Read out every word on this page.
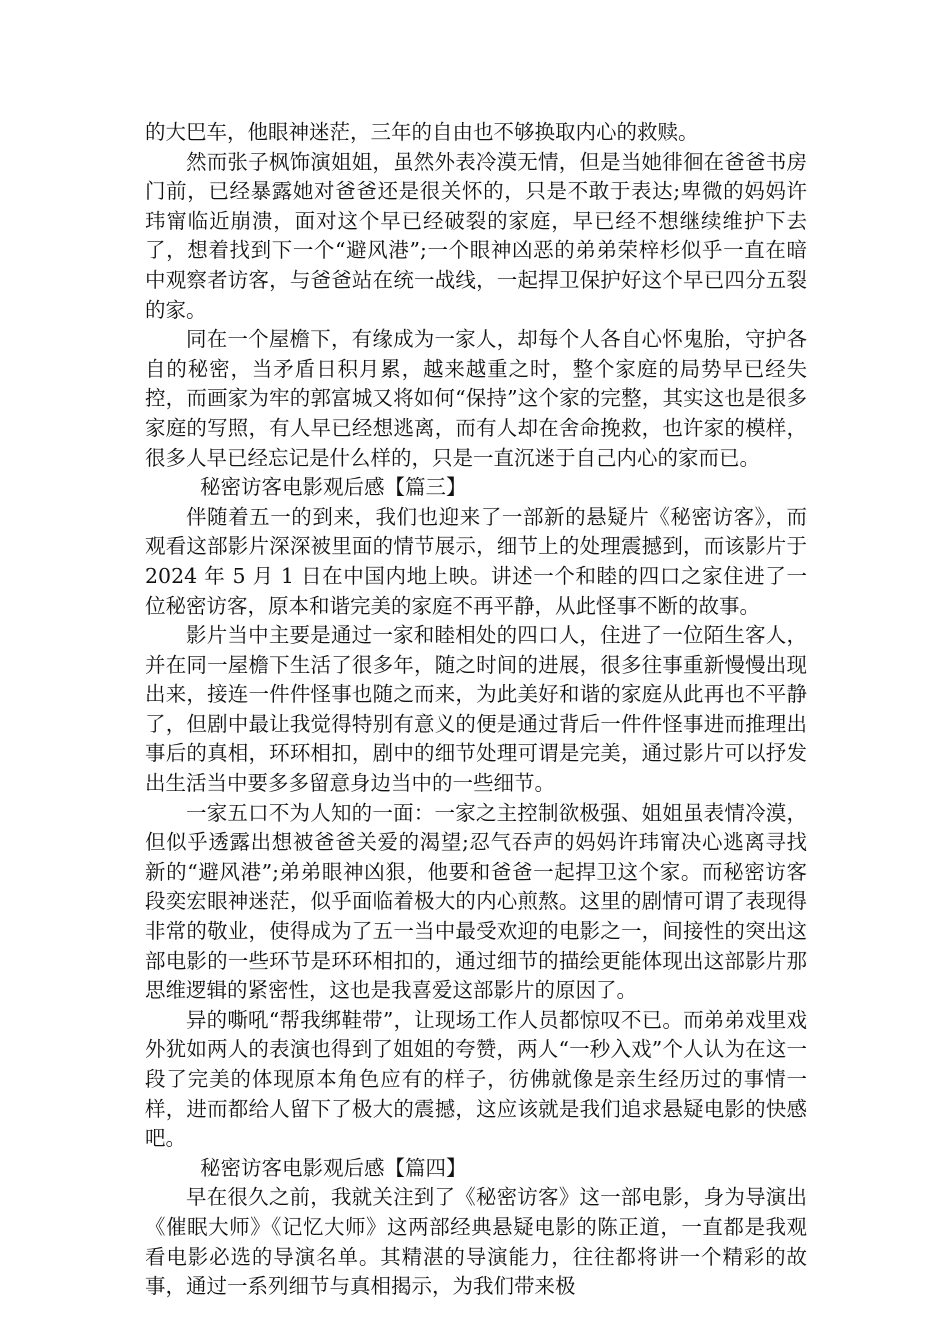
的大巴车，他眼神迷茫，三年的自由也不够换取内心的救赎。

然而张子枫饰演姐姐，虽然外表冷漠无情，但是当她徘徊在爸爸书房门前，已经暴露她对爸爸还是很关怀的，只是不敢于表达;卑微的妈妈许玮甯临近崩溃，面对这个早已经破裂的家庭，早已经不想继续维护下去了，想着找到下一个“避风港”;一个眼神凶恶的弟弟荣梓杉似乎一直在暗中观察者访客，与爸爸站在统一战线，一起捍卫保护好这个早已四分五裂的家。

同在一个屋檐下，有缘成为一家人，却每个人各自心怀鬼胎，守护各自的秘密，当矛盾日积月累，越来越重之时，整个家庭的局势早已经失控，而画家为牢的郭富城又将如何“保持”这个家的完整，其实这也是很多家庭的写照，有人早已经想逃离，而有人却在舍命挽救，也许家的模样，很多人早已经忘记是什么样的，只是一直沉迷于自己内心的家而已。

秘密访客电影观后感【篇三】

伴随着五一的到来，我们也迎来了一部新的悬疑片《秘密访客》，而观看这部影片深深被里面的情节展示，细节上的处理震撼到，而该影片于 2024 年 5 月 1 日在中国内地上映。讲述一个和睦的四口之家住进了一位秘密访客，原本和谐完美的家庭不再平静，从此怪事不断的故事。

影片当中主要是通过一家和睦相处的四口人，住进了一位陌生客人，并在同一屋檐下生活了很多年，随之时间的进展，很多往事重新慢慢出现出来，接连一件件怪事也随之而来，为此美好和谐的家庭从此再也不平静了，但剧中最让我觉得特别有意义的便是通过背后一件件怪事进而推理出事后的真相，环环相扣，剧中的细节处理可谓是完美，通过影片可以抒发出生活当中要多多留意身边当中的一些细节。

一家五口不为人知的一面：一家之主控制欲极强、姐姐虽表情冷漠，但似乎透露出想被爸爸关爱的渴望;忍气吞声的妈妈许玮甯决心逃离寻找新的“避风港”;弟弟眼神凶狠，他要和爸爸一起捍卫这个家。而秘密访客段奕宏眼神迷茫，似乎面临着极大的内心煎熬。这里的剧情可谓了表现得非常的敬业，使得成为了五一当中最受欢迎的电影之一，间接性的突出这部电影的一些环节是环环相扣的，通过细节的描绘更能体现出这部影片那思维逻辑的紧密性，这也是我喜爱这部影片的原因了。

异的嘶吼“帮我绑鞋带”，让现场工作人员都惊叹不已。而弟弟戏里戏外犹如两人的表演也得到了姐姐的夸赞，两人“一秒入戏”个人认为在这一段了完美的体现原本角色应有的样子，彷佛就像是亲生经历过的事情一样，进而都给人留下了极大的震撼，这应该就是我们追求悬疑电影的快感吧。

秘密访客电影观后感【篇四】

早在很久之前，我就关注到了《秘密访客》这一部电影，身为导演出《催眠大师》《记忆大师》这两部经典悬疑电影的陈正道，一直都是我观看电影必选的导演名单。其精湛的导演能力，往往都将讲一个精彩的故事，通过一系列细节与真相揭示，为我们带来极
